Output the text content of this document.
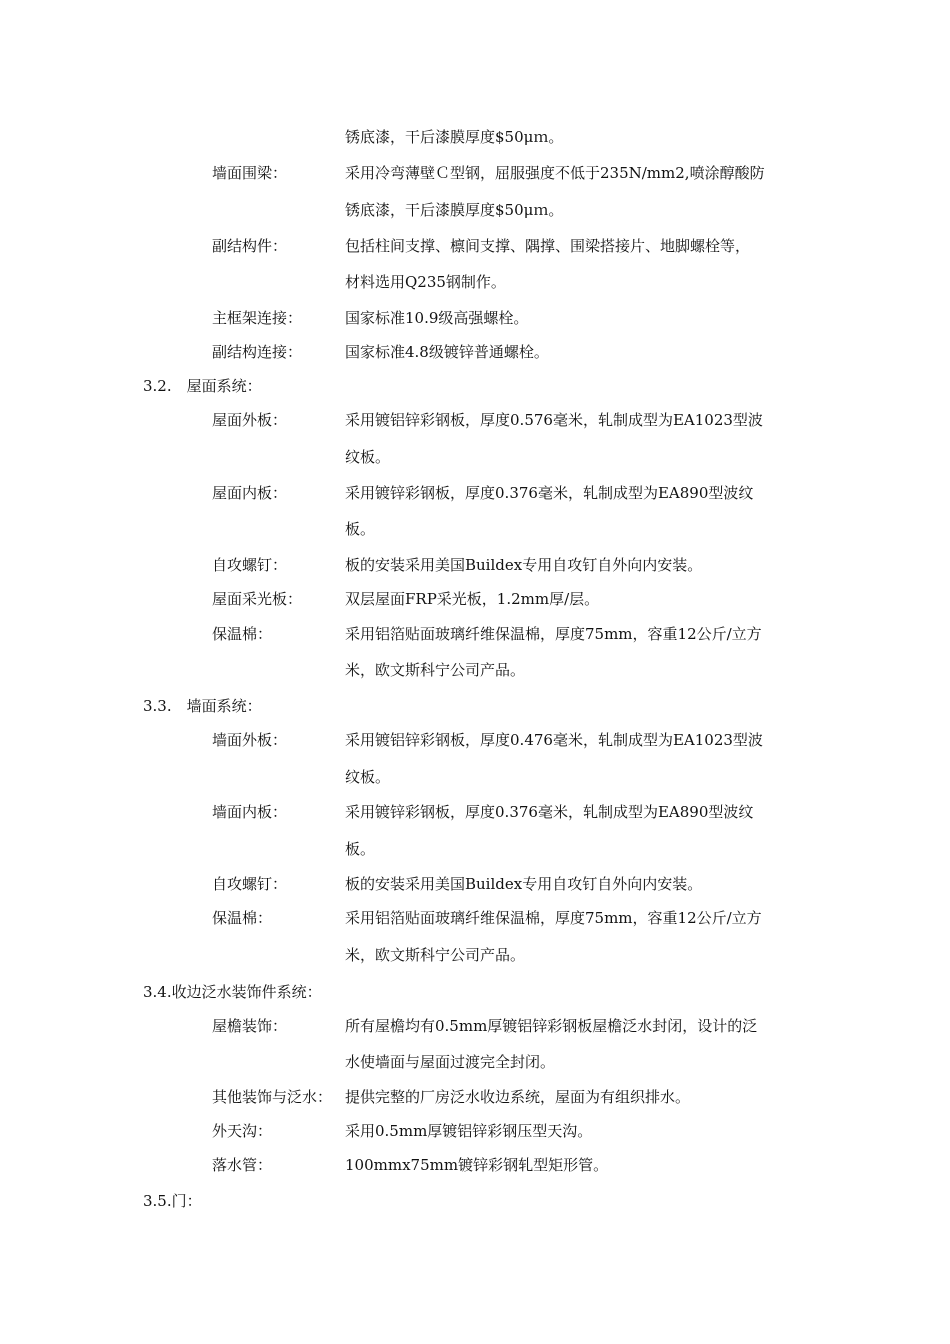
锈底漆，干后漆膜厚度$50μｍ。
墙面围梁：	采用冷弯薄壁Ｃ型钢，屈服强度不低于235N/mm2,喷涂醇酸防
锈底漆，干后漆膜厚度$50μｍ。
副结构件：	包括柱间支撑、檩间支撑、隅撑、围梁搭接片、地脚螺栓等，
材料选用Q235钢制作。
主框架连接：	国家标准10.9级高强螺栓。
副结构连接：	国家标准4.8级镀锌普通螺栓。
3.2.　屋面系统：
屋面外板：	采用镀铝锌彩钢板，厚度0.576毫米，轧制成型为EA1023型波
纹板。
屋面内板：	采用镀锌彩钢板，厚度0.376毫米，轧制成型为EA890型波纹
板。
自攻螺钉：	板的安装采用美国Buildex专用自攻钉自外向内安装。
屋面采光板：	双层屋面FRP采光板，1.2mm厚/层。
保温棉：	采用铝箔贴面玻璃纤维保温棉，厚度75mm，容重12公斤/立方
米，欧文斯科宁公司产品。
3.3.　墙面系统：
墙面外板：	采用镀铝锌彩钢板，厚度0.476毫米，轧制成型为EA1023型波
纹板。
墙面内板：	采用镀锌彩钢板，厚度0.376毫米，轧制成型为EA890型波纹
板。
自攻螺钉：	板的安装采用美国Buildex专用自攻钉自外向内安装。
保温棉：	采用铝箔贴面玻璃纤维保温棉，厚度75mm，容重12公斤/立方
米，欧文斯科宁公司产品。
3.4.收边泛水装饰件系统：
屋檐装饰：	所有屋檐均有0.5mm厚镀铝锌彩钢板屋檐泛水封闭，设计的泛
水使墙面与屋面过渡完全封闭。
其他装饰与泛水： 提供完整的厂房泛水收边系统，屋面为有组织排水。
外天沟：	采用0.5mm厚镀铝锌彩钢压型天沟。
落水管：	100mmx75mm镀锌彩钢轧型矩形管。
3.5.门：
